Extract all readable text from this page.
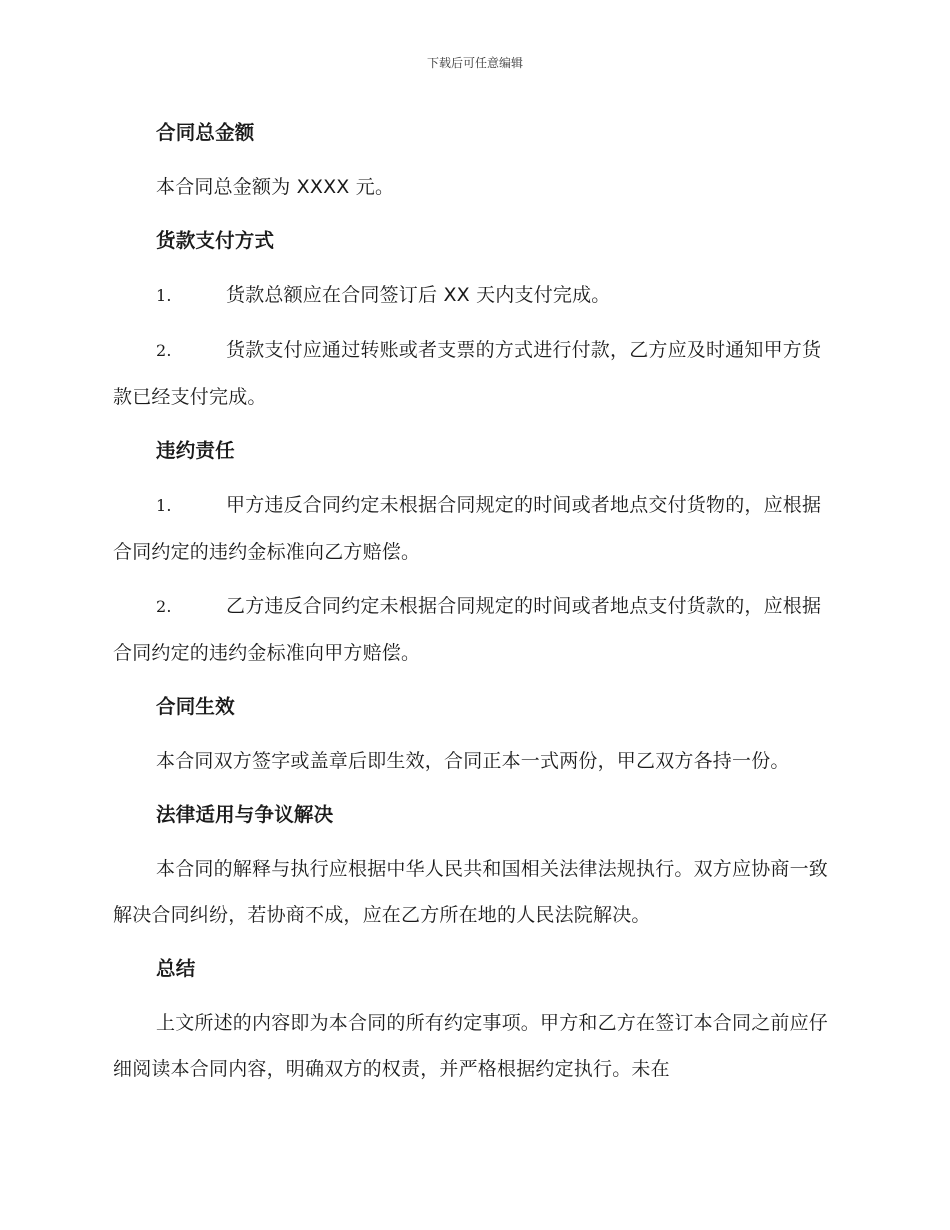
下载后可任意编辑
合同总金额

本合同总金额为 XXXX 元。

货款支付方式

1.	货款总额应在合同签订后 XX 天内支付完成。

2.	货款支付应通过转账或者支票的方式进行付款，乙方应及时通知甲方货款已经支付完成。

违约责任

1.	甲方违反合同约定未根据合同规定的时间或者地点交付货物的，应根据合同约定的违约金标准向乙方赔偿。

2.	乙方违反合同约定未根据合同规定的时间或者地点支付货款的，应根据合同约定的违约金标准向甲方赔偿。

合同生效

本合同双方签字或盖章后即生效，合同正本一式两份，甲乙双方各持一份。

法律适用与争议解决

本合同的解释与执行应根据中华人民共和国相关法律法规执行。双方应协商一致解决合同纠纷，若协商不成，应在乙方所在地的人民法院解决。

总结

上文所述的内容即为本合同的所有约定事项。甲方和乙方在签订本合同之前应仔细阅读本合同内容，明确双方的权责，并严格根据约定执行。未在
